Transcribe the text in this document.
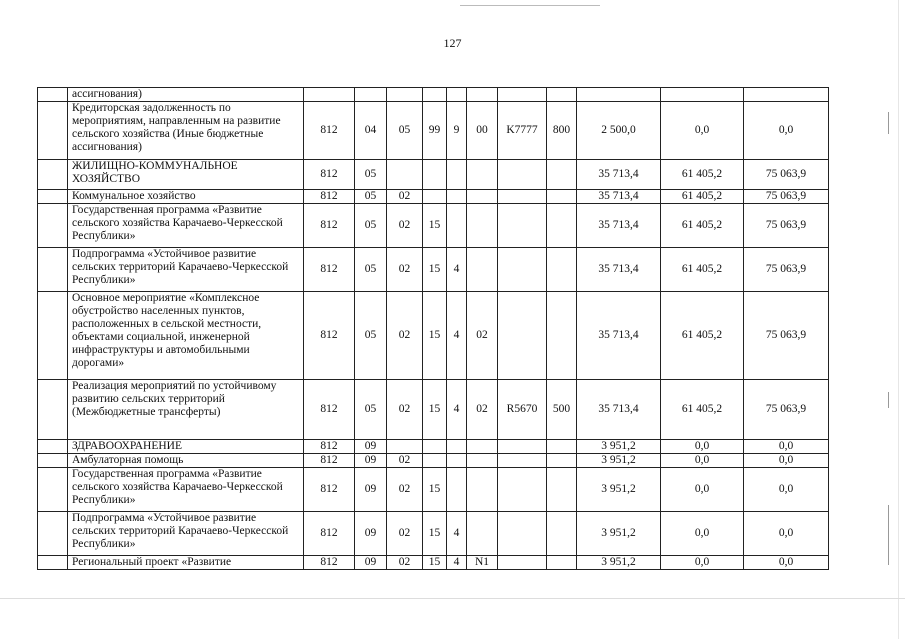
127
	ассигнования)											
	Кредиторская задолженность по мероприятиям, направленным на развитие сельского хозяйства (Иные бюджетные ассигнования)	812	04	05	99	9	00	K7777	800	2 500,0	0,0	0,0
	ЖИЛИЩНО-КОММУНАЛЬНОЕ ХОЗЯЙСТВО	812	05							35 713,4	61 405,2	75 063,9
	Коммунальное хозяйство	812	05	02						35 713,4	61 405,2	75 063,9
	Государственная программа «Развитие сельского хозяйства Карачаево-Черкесской Республики»	812	05	02	15					35 713,4	61 405,2	75 063,9
	Подпрограмма «Устойчивое развитие сельских территорий Карачаево-Черкесской Республики»	812	05	02	15	4				35 713,4	61 405,2	75 063,9
	Основное мероприятие «Комплексное обустройство населенных пунктов, расположенных в сельской местности, объектами социальной, инженерной инфраструктуры и автомобильными дорогами»	812	05	02	15	4	02			35 713,4	61 405,2	75 063,9
	Реализация мероприятий по устойчивому развитию сельских территорий (Межбюджетные трансферты)	812	05	02	15	4	02	R5670	500	35 713,4	61 405,2	75 063,9
	ЗДРАВООХРАНЕНИЕ	812	09							3 951,2	0,0	0,0
	Амбулаторная помощь	812	09	02						3 951,2	0,0	0,0
	Государственная программа «Развитие сельского хозяйства Карачаево-Черкесской Республики»	812	09	02	15					3 951,2	0,0	0,0
	Подпрограмма «Устойчивое развитие сельских территорий Карачаево-Черкесской Республики»	812	09	02	15	4				3 951,2	0,0	0,0
	Региональный проект «Развитие	812	09	02	15	4	N1			3 951,2	0,0	0,0
